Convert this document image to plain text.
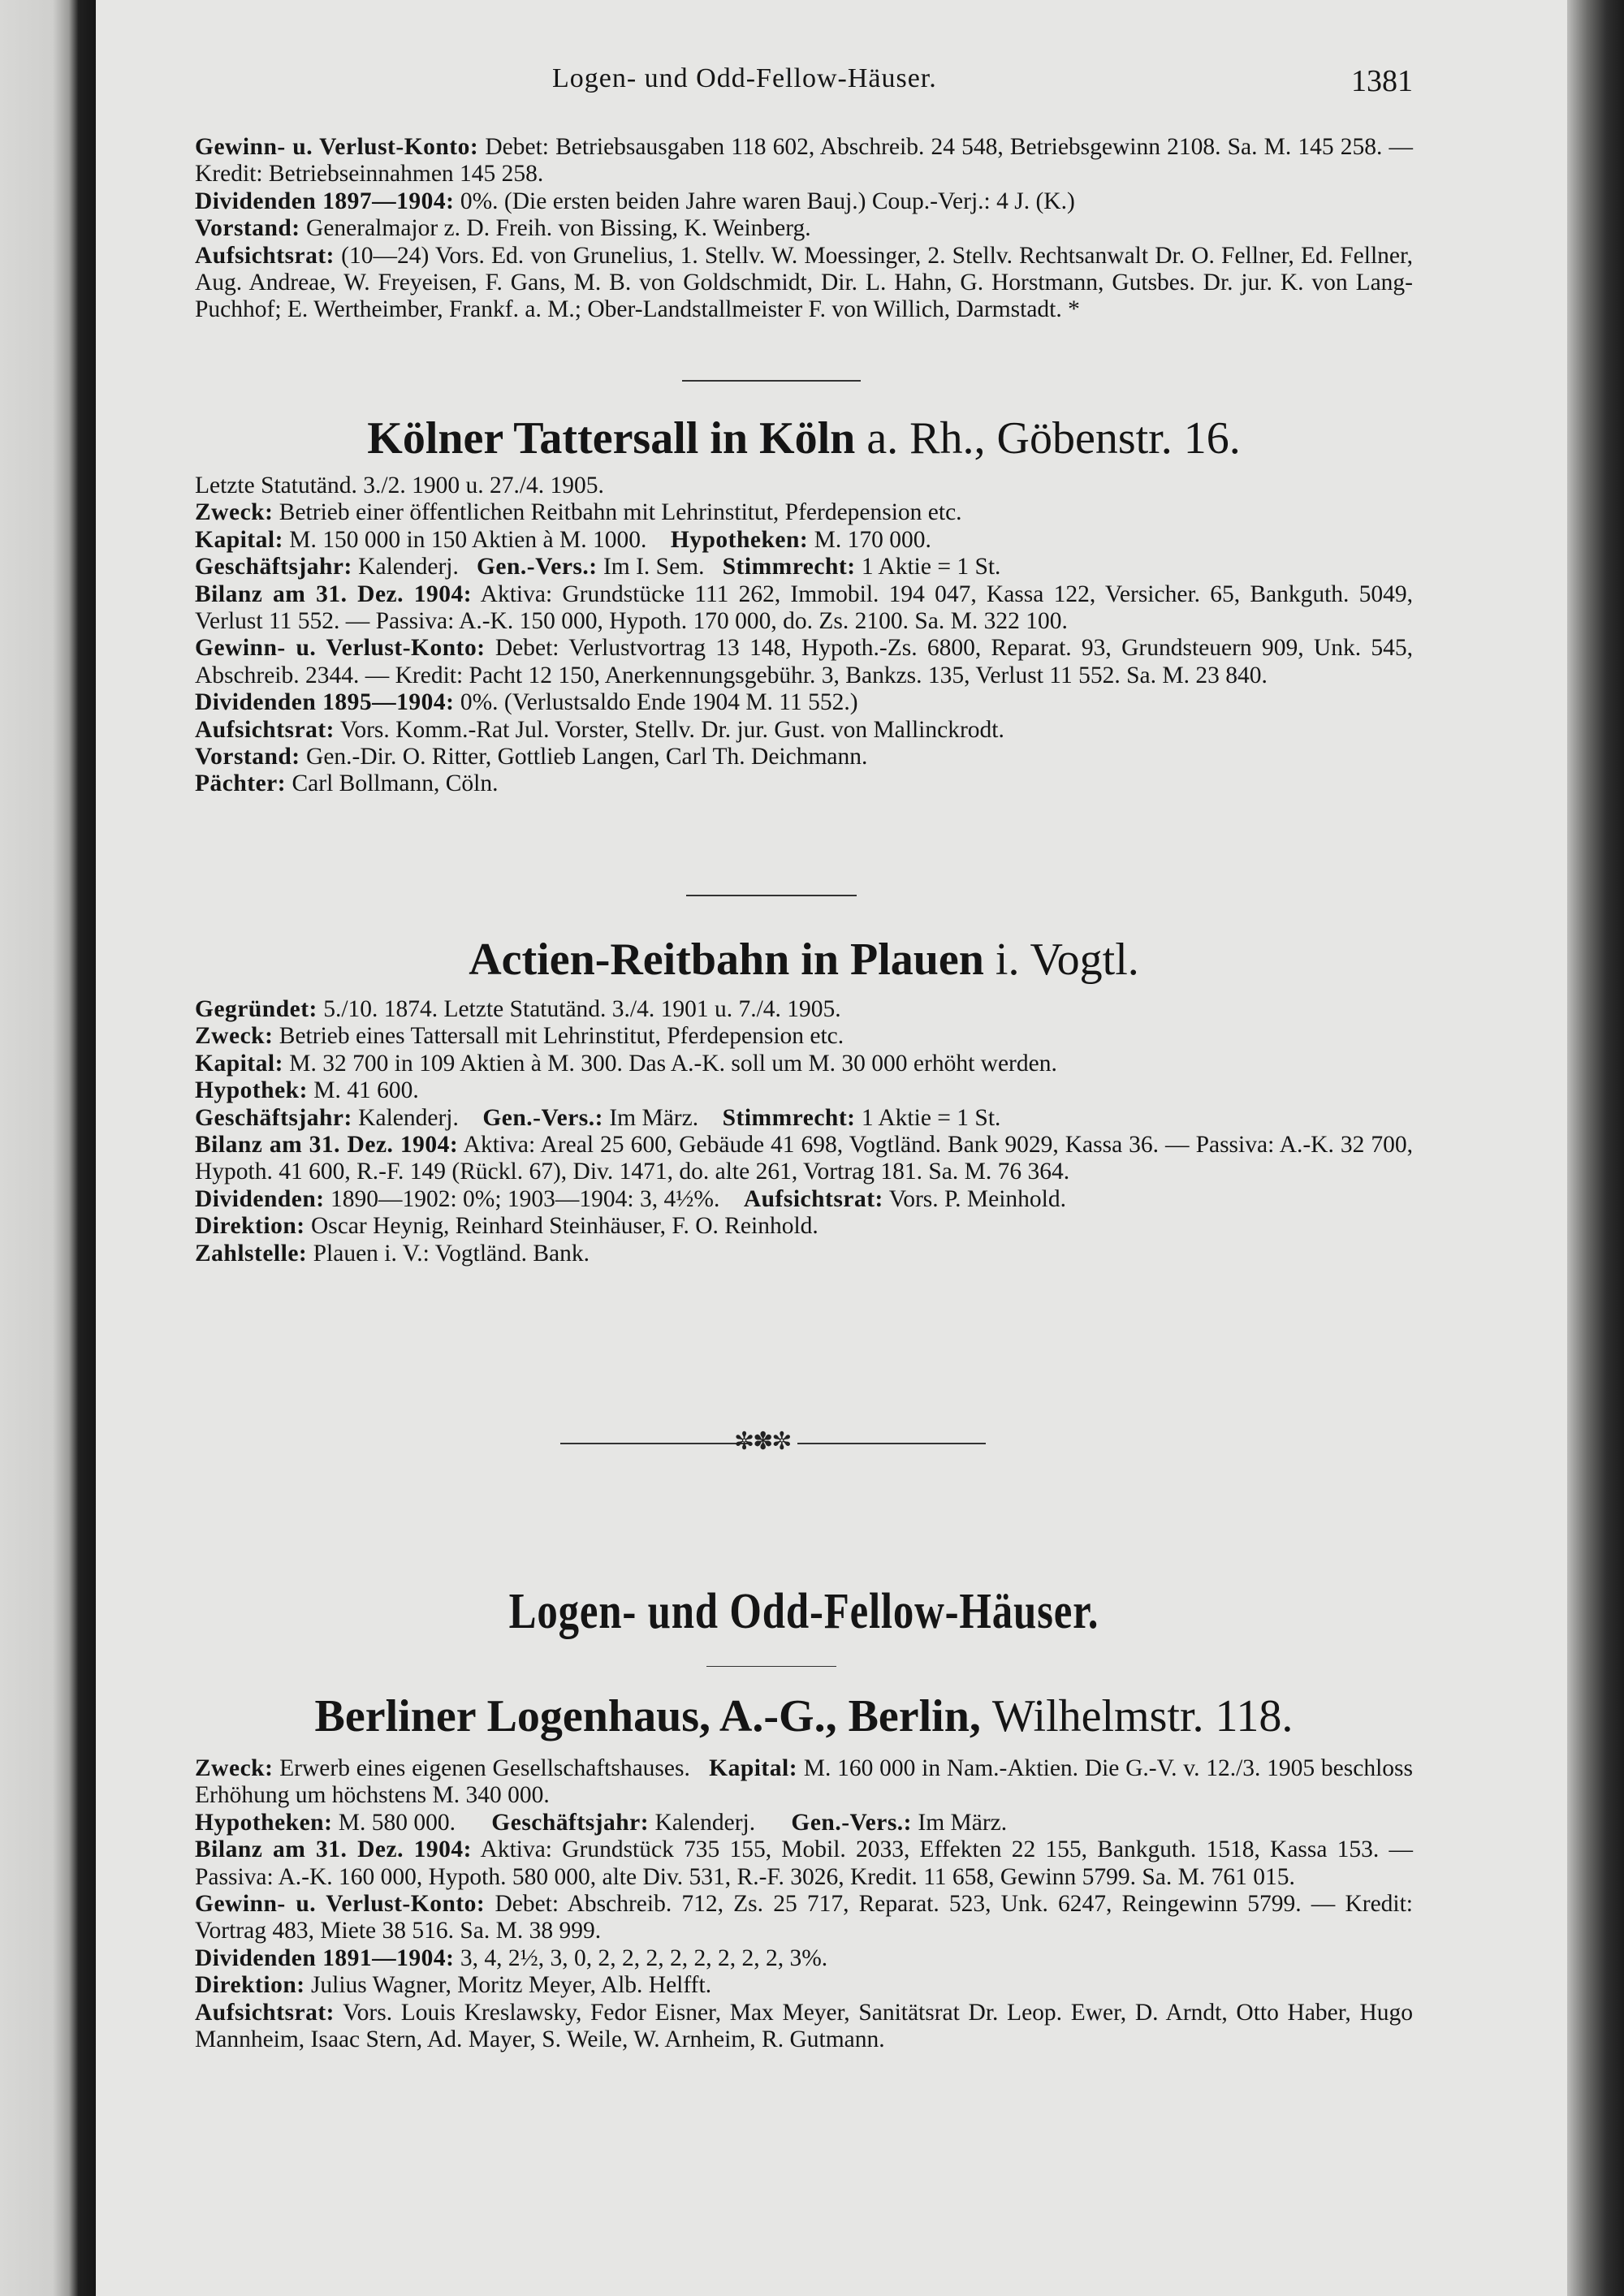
Logen- und Odd-Fellow-Häuser.	1381

Gewinn- u. Verlust-Konto: Debet: Betriebsausgaben 118 602, Abschreib. 24 548, Betriebsgewinn 2108. Sa. M. 145 258. — Kredit: Betriebseinnahmen 145 258.

Dividenden 1897—1904: 0%. (Die ersten beiden Jahre waren Bauj.) Coup.-Verj.: 4 J. (K.)

Vorstand: Generalmajor z. D. Freih. von Bissing, K. Weinberg.

Aufsichtsrat: (10—24) Vors. Ed. von Grunelius, 1. Stellv. W. Moessinger, 2. Stellv. Rechtsanwalt Dr. O. Fellner, Ed. Fellner, Aug. Andreae, W. Freyeisen, F. Gans, M. B. von Goldschmidt, Dir. L. Hahn, G. Horstmann, Gutsbes. Dr. jur. K. von Lang-Puchhof; E. Wertheimber, Frankf. a. M.; Ober-Landstallmeister F. von Willich, Darmstadt. *

Kölner Tattersall in Köln a. Rh., Göbenstr. 16.

Letzte Statutänd. 3./2. 1900 u. 27./4. 1905.

Zweck: Betrieb einer öffentlichen Reitbahn mit Lehrinstitut, Pferdepension etc.

Kapital: M. 150 000 in 150 Aktien à M. 1000. Hypotheken: M. 170 000.

Geschäftsjahr: Kalenderj. Gen.-Vers.: Im I. Sem. Stimmrecht: 1 Aktie = 1 St.

Bilanz am 31. Dez. 1904: Aktiva: Grundstücke 111 262, Immobil. 194 047, Kassa 122, Versicher. 65, Bankguth. 5049, Verlust 11 552. — Passiva: A.-K. 150 000, Hypoth. 170 000, do. Zs. 2100. Sa. M. 322 100.

Gewinn- u. Verlust-Konto: Debet: Verlustvortrag 13 148, Hypoth.-Zs. 6800, Reparat. 93, Grundsteuern 909, Unk. 545, Abschreib. 2344. — Kredit: Pacht 12 150, Anerkennungsgebühr. 3, Bankzs. 135, Verlust 11 552. Sa. M. 23 840.

Dividenden 1895—1904: 0%. (Verlustsaldo Ende 1904 M. 11 552.)

Aufsichtsrat: Vors. Komm.-Rat Jul. Vorster, Stellv. Dr. jur. Gust. von Mallinckrodt.

Vorstand: Gen.-Dir. O. Ritter, Gottlieb Langen, Carl Th. Deichmann.

Pächter: Carl Bollmann, Cöln.

Actien-Reitbahn in Plauen i. Vogtl.

Gegründet: 5./10. 1874. Letzte Statutänd. 3./4. 1901 u. 7./4. 1905.

Zweck: Betrieb eines Tattersall mit Lehrinstitut, Pferdepension etc.

Kapital: M. 32 700 in 109 Aktien à M. 300. Das A.-K. soll um M. 30 000 erhöht werden.

Hypothek: M. 41 600.

Geschäftsjahr: Kalenderj. Gen.-Vers.: Im März. Stimmrecht: 1 Aktie = 1 St.

Bilanz am 31. Dez. 1904: Aktiva: Areal 25 600, Gebäude 41 698, Vogtländ. Bank 9029, Kassa 36. — Passiva: A.-K. 32 700, Hypoth. 41 600, R.-F. 149 (Rückl. 67), Div. 1471, do. alte 261, Vortrag 181. Sa. M. 76 364.

Dividenden: 1890—1902: 0%; 1903—1904: 3, 4½%. Aufsichtsrat: Vors. P. Meinhold.

Direktion: Oscar Heynig, Reinhard Steinhäuser, F. O. Reinhold.

Zahlstelle: Plauen i. V.: Vogtländ. Bank.

✼✽✼
Logen- und Odd-Fellow-Häuser.
Berliner Logenhaus, A.-G., Berlin, Wilhelmstr. 118.

Zweck: Erwerb eines eigenen Gesellschaftshauses. Kapital: M. 160 000 in Nam.-Aktien. Die G.-V. v. 12./3. 1905 beschloss Erhöhung um höchstens M. 340 000.

Hypotheken: M. 580 000. Geschäftsjahr: Kalenderj. Gen.-Vers.: Im März.

Bilanz am 31. Dez. 1904: Aktiva: Grundstück 735 155, Mobil. 2033, Effekten 22 155, Bankguth. 1518, Kassa 153. — Passiva: A.-K. 160 000, Hypoth. 580 000, alte Div. 531, R.-F. 3026, Kredit. 11 658, Gewinn 5799. Sa. M. 761 015.

Gewinn- u. Verlust-Konto: Debet: Abschreib. 712, Zs. 25 717, Reparat. 523, Unk. 6247, Reingewinn 5799. — Kredit: Vortrag 483, Miete 38 516. Sa. M. 38 999.

Dividenden 1891—1904: 3, 4, 2½, 3, 0, 2, 2, 2, 2, 2, 2, 2, 2, 3%.

Direktion: Julius Wagner, Moritz Meyer, Alb. Helfft.

Aufsichtsrat: Vors. Louis Kreslawsky, Fedor Eisner, Max Meyer, Sanitätsrat Dr. Leop. Ewer, D. Arndt, Otto Haber, Hugo Mannheim, Isaac Stern, Ad. Mayer, S. Weile, W. Arnheim, R. Gutmann.
